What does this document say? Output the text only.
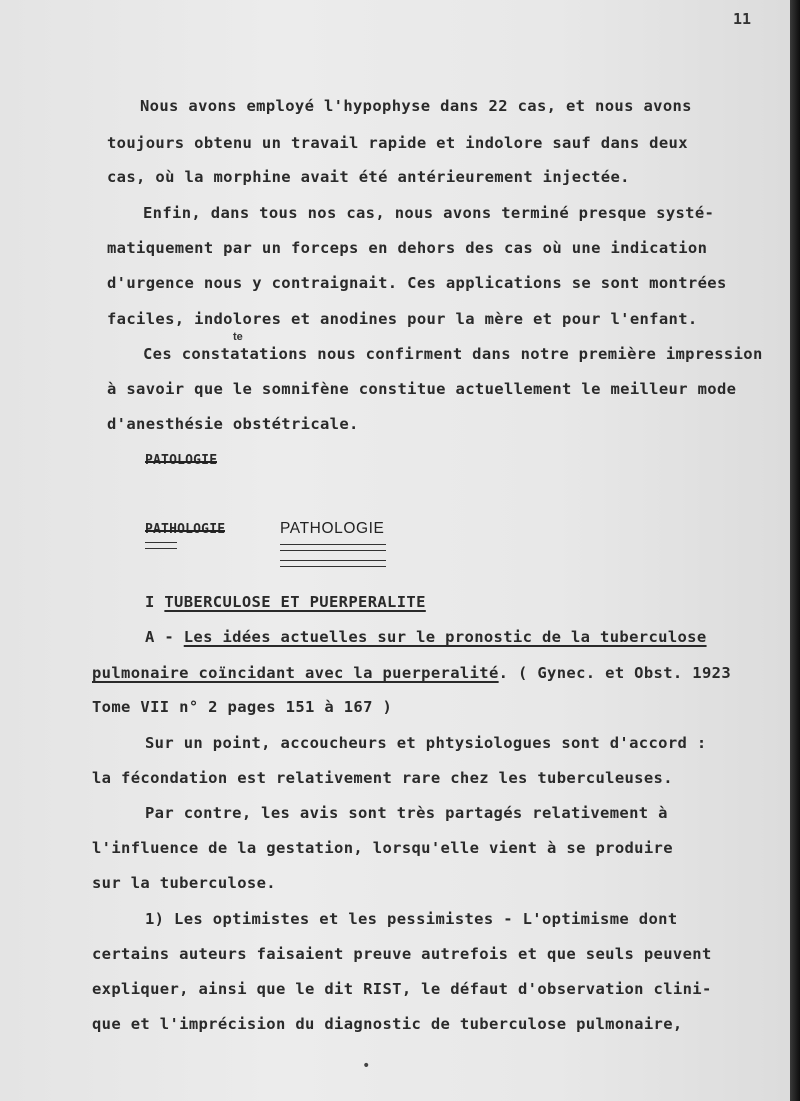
11
Nous avons employé l'hypophyse dans 22 cas, et nous avons
toujours obtenu un travail rapide et indolore sauf dans deux
cas, où la morphine avait été antérieurement injectée.
Enfin, dans tous nos cas, nous avons terminé presque systé-
matiquement par un forceps en dehors des cas où une indication
d'urgence nous y contraignait. Ces applications se sont montrées
faciles, indolores et anodines pour la mère et pour l'enfant.
te
Ces constatations nous confirment dans notre première impression
à savoir que le somnifène constitue actuellement le meilleur mode
d'anesthésie obstétricale.
PATOLOGIE
PATHOLOGIE	PATHOLOGIE
I TUBERCULOSE ET PUERPERALITE
A - Les idées actuelles sur le pronostic de la tuberculose
pulmonaire coïncidant avec la puerperalité. ( Gynec. et Obst. 1923
Tome VII n° 2 pages 151 à 167 )
Sur un point, accoucheurs et phtysiologues sont d'accord :
la fécondation est relativement rare chez les tuberculeuses.
Par contre, les avis sont très partagés relativement à
l'influence de la gestation, lorsqu'elle vient à se produire
sur la tuberculose.
1) Les optimistes et les pessimistes - L'optimisme dont
certains auteurs faisaient preuve autrefois et que seuls peuvent
expliquer, ainsi que le dit RIST, le défaut d'observation clini-
que et l'imprécision du diagnostic de tuberculose pulmonaire,
•
